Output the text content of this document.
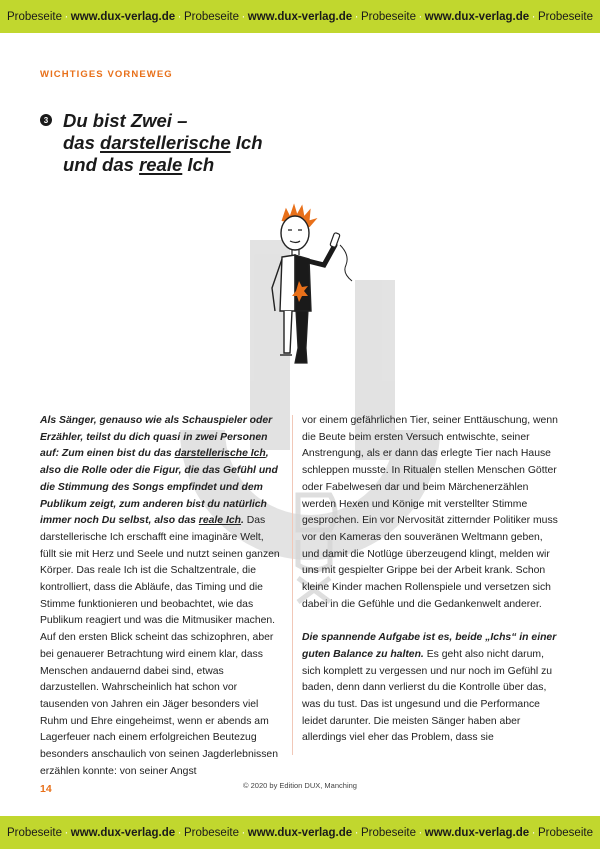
Probeseite · www.dux-verlag.de · Probeseite · www.dux-verlag.de · Probeseite · www.dux-verlag.de · Probeseite
WICHTIGES VORNEWEG
3 Du bist Zwei –
das darstellerische Ich
und das reale Ich

Als Sänger, genauso wie als Schauspieler oder Erzähler, teilst du dich quasi in zwei Personen auf: Zum einen bist du das darstellerische Ich, also die Rolle oder die Figur, die das Gefühl und die Stimmung des Songs empfindet und dem Publikum zeigt, zum anderen bist du natürlich immer noch Du selbst, also das reale Ich. Das darstellerische Ich erschafft eine imaginäre Welt, füllt sie mit Herz und Seele und nutzt seinen ganzen Körper. Das reale Ich ist die Schaltzentrale, die kontrolliert, dass die Abläufe, das Timing und die Stimme funktionieren und beobachtet, wie das Publikum reagiert und was die Mitmusiker machen.

Auf den ersten Blick scheint das schizophren, aber bei genauerer Betrachtung wird einem klar, dass Menschen andauernd dabei sind, etwas darzustellen. Wahrscheinlich hat schon vor tausenden von Jahren ein Jäger besonders viel Ruhm und Ehre eingeheimst, wenn er abends am Lagerfeuer nach einem erfolgreichen Beutezug besonders anschaulich von seinen Jagderlebnissen erzählen konnte: von seiner Angst

vor einem gefährlichen Tier, seiner Enttäuschung, wenn die Beute beim ersten Versuch entwischte, seiner Anstrengung, als er dann das erlegte Tier nach Hause schleppen musste. In Ritualen stellen Menschen Götter oder Fabelwesen dar und beim Märchenerzählen werden Hexen und Könige mit verstellter Stimme gesprochen. Ein vor Nervosität zitternder Politiker muss vor den Kameras den souveränen Weltmann geben, und damit die Notlüge überzeugend klingt, melden wir uns mit gespielter Grippe bei der Arbeit krank. Schon kleine Kinder machen Rollenspiele und versetzen sich dabei in die Gefühle und die Gedankenwelt anderer.

Die spannende Aufgabe ist es, beide „Ichs“ in einer guten Balance zu halten. Es geht also nicht darum, sich komplett zu vergessen und nur noch im Gefühl zu baden, denn dann verlierst du die Kontrolle über das, was du tust. Das ist ungesund und die Performance leidet darunter. Die meisten Sänger haben aber allerdings viel eher das Problem, dass sie

14	© 2020 by Edition DUX, Manching
Probeseite · www.dux-verlag.de · Probeseite · www.dux-verlag.de · Probeseite · www.dux-verlag.de · Probeseite
